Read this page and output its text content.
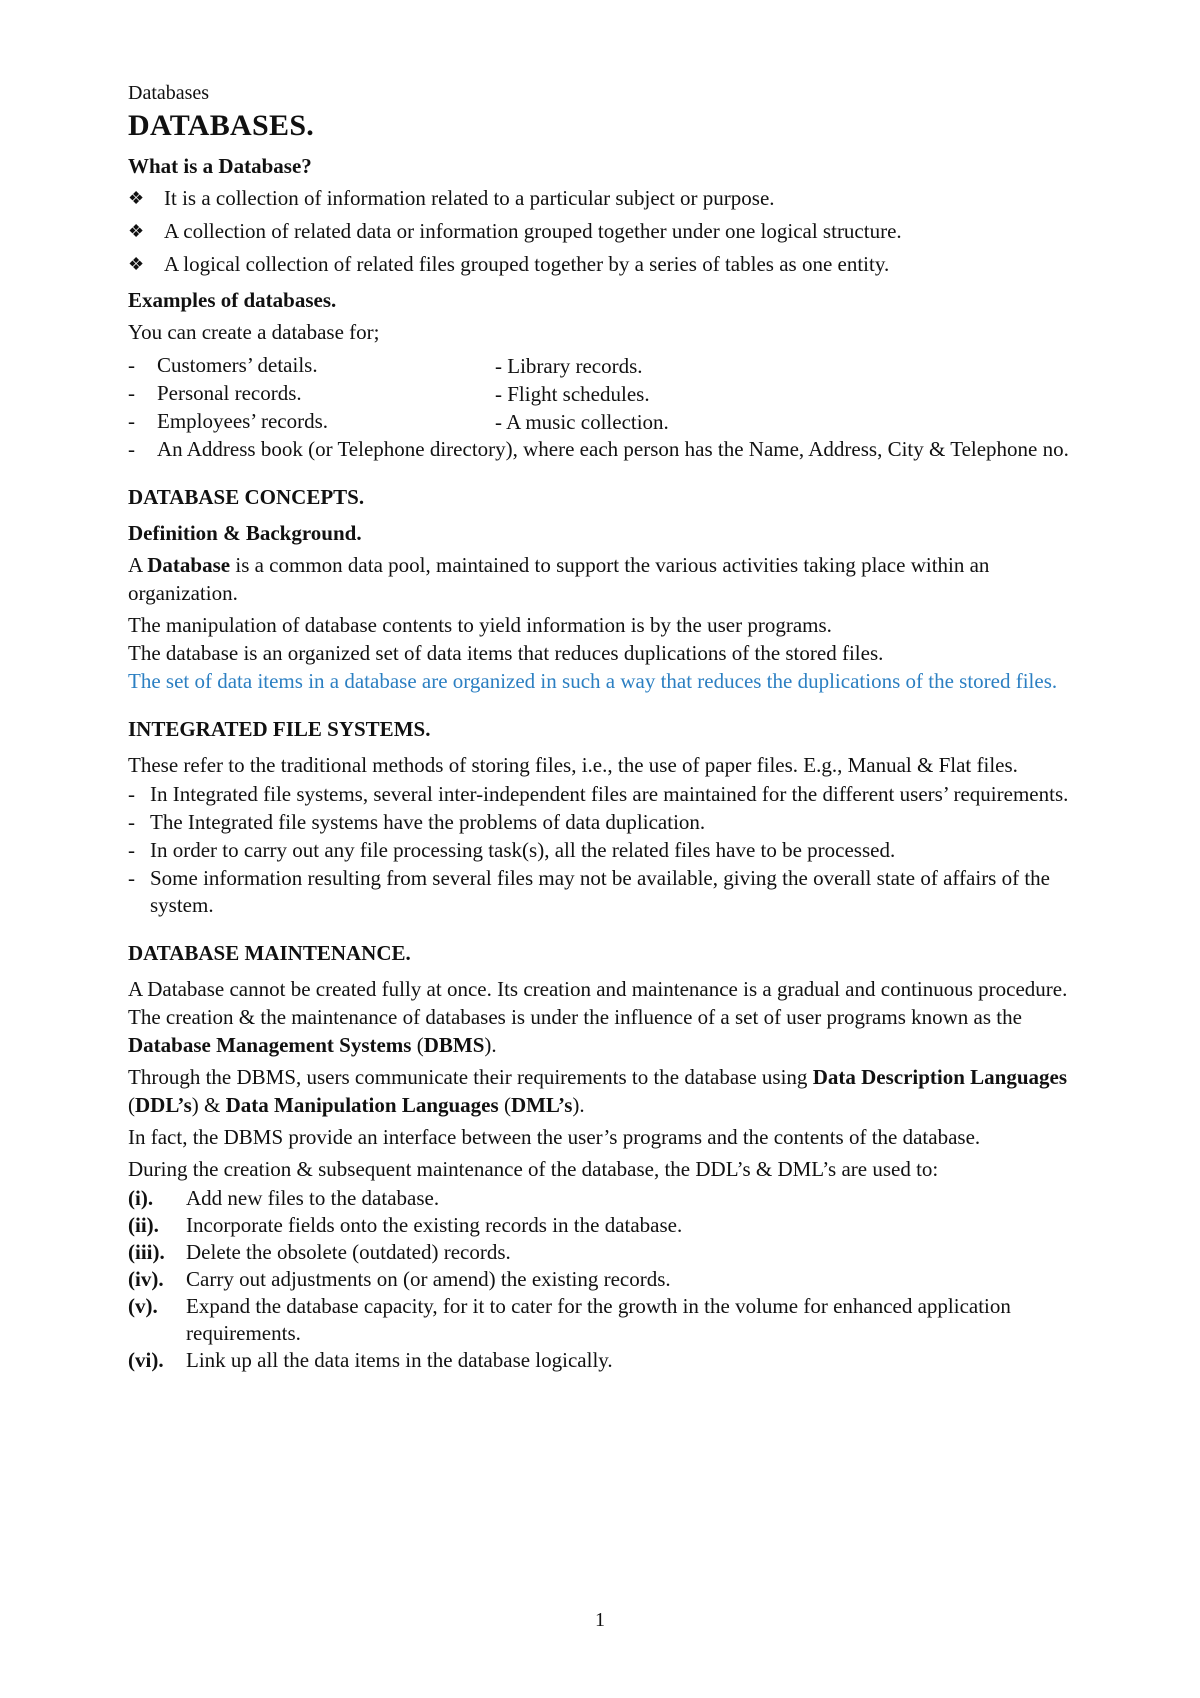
Databases
DATABASES.
What is a Database?
❖ It is a collection of information related to a particular subject or purpose.
❖ A collection of related data or information grouped together under one logical structure.
❖ A logical collection of related files grouped together by a series of tables as one entity.
Examples of databases.

You can create a database for;

-	Customers’ details.	- Library records.
-	Personal records.	- Flight schedules.
-	Employees’ records.	- A music collection.
- An Address book (or Telephone directory), where each person has the Name, Address, City & Telephone no.
DATABASE CONCEPTS.
Definition & Background.

A Database is a common data pool, maintained to support the various activities taking place within an organization.

The manipulation of database contents to yield information is by the user programs.

The database is an organized set of data items that reduces duplications of the stored files.

The set of data items in a database are organized in such a way that reduces the duplications of the stored files.

INTEGRATED FILE SYSTEMS.

These refer to the traditional methods of storing files, i.e., the use of paper files. E.g., Manual & Flat files.

- In Integrated file systems, several inter-independent files are maintained for the different users’ requirements.
- The Integrated file systems have the problems of data duplication.
- In order to carry out any file processing task(s), all the related files have to be processed.
- Some information resulting from several files may not be available, giving the overall state of affairs of the system.
DATABASE MAINTENANCE.

A Database cannot be created fully at once. Its creation and maintenance is a gradual and continuous procedure. The creation & the maintenance of databases is under the influence of a set of user programs known as the Database Management Systems (DBMS).

Through the DBMS, users communicate their requirements to the database using Data Description Languages (DDL’s) & Data Manipulation Languages (DML’s).

In fact, the DBMS provide an interface between the user’s programs and the contents of the database.

During the creation & subsequent maintenance of the database, the DDL’s & DML’s are used to:

(i).	Add new files to the database.
(ii).	Incorporate fields onto the existing records in the database.
(iii).	Delete the obsolete (outdated) records.
(iv).	Carry out adjustments on (or amend) the existing records.
(v).	Expand the database capacity, for it to cater for the growth in the volume for enhanced application requirements.
(vi).	Link up all the data items in the database logically.
1
